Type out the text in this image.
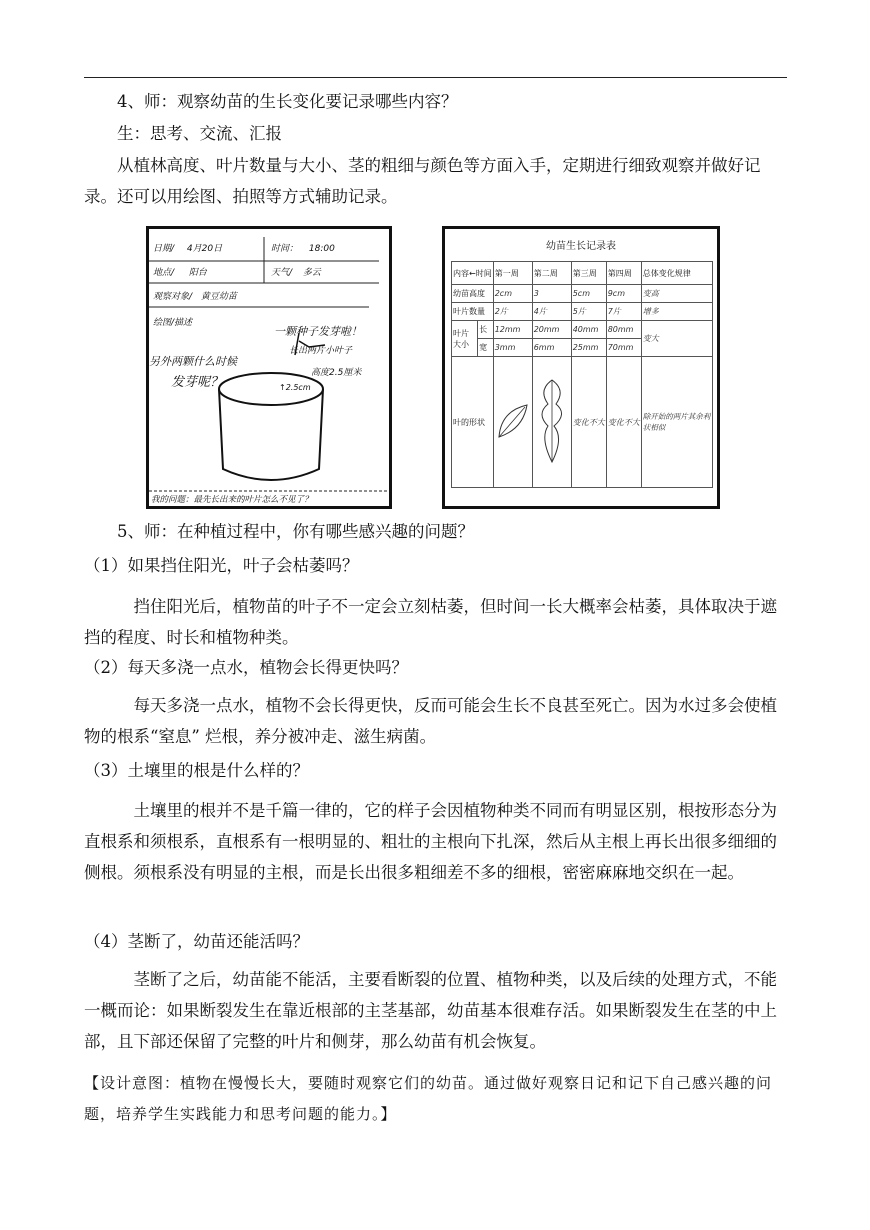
4、师：观察幼苗的生长变化要记录哪些内容？

生：思考、交流、汇报

从植林高度、叶片数量与大小、茎的粗细与颜色等方面入手，定期进行细致观察并做好记录。还可以用绘图、拍照等方式辅助记录。

日期/ 4月20日	时间： 18:00
地点/ 阳台	天气/ 多云
观察对象/ 黄豆幼苗
绘图/描述
一颗种子发芽啦！
长出两片小叶子
高度2.5厘米
另外两颗什么时候
发芽呢？	↑2.5cm
我的问题：最先长出来的叶片怎么不见了？
幼苗生长记录表
内容←时间		第一周	第二周	第三周	第四周	总体变化规律
幼苗高度		2cm	3	5cm	9cm	变高
叶片数量		2片	4片	5片	7片	增多
叶片大小	长	12mm	20mm	40mm	80mm	变大
	宽	3mm	6mm	25mm	70mm	
叶的形状				变化不大	变化不大	除开始的两片其余利状相似

5、师：在种植过程中，你有哪些感兴趣的问题？

（1）如果挡住阳光，叶子会枯萎吗？

挡住阳光后，植物苗的叶子不一定会立刻枯萎，但时间一长大概率会枯萎，具体取决于遮挡的程度、时长和植物种类。

（2）每天多浇一点水，植物会长得更快吗？

每天多浇一点水，植物不会长得更快，反而可能会生长不良甚至死亡。因为水过多会使植物的根系“窒息” 烂根，养分被冲走、滋生病菌。

（3）土壤里的根是什么样的？

土壤里的根并不是千篇一律的，它的样子会因植物种类不同而有明显区别，根按形态分为直根系和须根系，直根系有一根明显的、粗壮的主根向下扎深，然后从主根上再长出很多细细的侧根。须根系没有明显的主根，而是长出很多粗细差不多的细根，密密麻麻地交织在一起。

（4）茎断了，幼苗还能活吗？

茎断了之后，幼苗能不能活，主要看断裂的位置、植物种类，以及后续的处理方式，不能一概而论：如果断裂发生在靠近根部的主茎基部，幼苗基本很难存活。如果断裂发生在茎的中上部，且下部还保留了完整的叶片和侧芽，那么幼苗有机会恢复。

【设计意图：植物在慢慢长大，要随时观察它们的幼苗。通过做好观察日记和记下自己感兴趣的问题，培养学生实践能力和思考问题的能力。】
